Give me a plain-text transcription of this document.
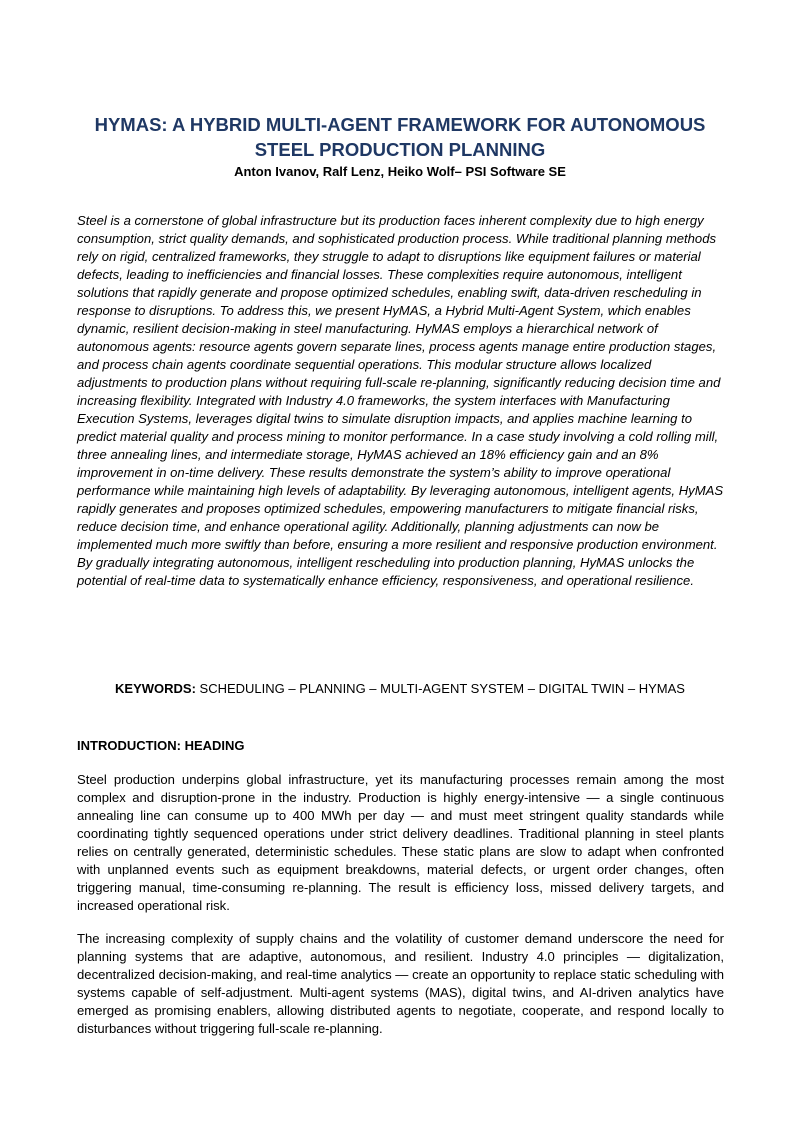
HYMAS: A HYBRID MULTI-AGENT FRAMEWORK FOR AUTONOMOUS
STEEL PRODUCTION PLANNING

Anton Ivanov, Ralf Lenz, Heiko Wolf– PSI Software SE

Steel is a cornerstone of global infrastructure but its production faces inherent complexity due to high energy consumption, strict quality demands, and sophisticated production process. While traditional planning methods rely on rigid, centralized frameworks, they struggle to adapt to disruptions like equipment failures or material defects, leading to inefficiencies and financial losses. These complexities require autonomous, intelligent solutions that rapidly generate and propose optimized schedules, enabling swift, data-driven rescheduling in response to disruptions. To address this, we present HyMAS, a Hybrid Multi-Agent System, which enables dynamic, resilient decision-making in steel manufacturing. HyMAS employs a hierarchical network of autonomous agents: resource agents govern separate lines, process agents manage entire production stages, and process chain agents coordinate sequential operations. This modular structure allows localized adjustments to production plans without requiring full-scale re-planning, significantly reducing decision time and increasing flexibility. Integrated with Industry 4.0 frameworks, the system interfaces with Manufacturing Execution Systems, leverages digital twins to simulate disruption impacts, and applies machine learning to predict material quality and process mining to monitor performance. In a case study involving a cold rolling mill, three annealing lines, and intermediate storage, HyMAS achieved an 18% efficiency gain and an 8% improvement in on-time delivery. These results demonstrate the system’s ability to improve operational performance while maintaining high levels of adaptability. By leveraging autonomous, intelligent agents, HyMAS rapidly generates and proposes optimized schedules, empowering manufacturers to mitigate financial risks, reduce decision time, and enhance operational agility. Additionally, planning adjustments can now be implemented much more swiftly than before, ensuring a more resilient and responsive production environment. By gradually integrating autonomous, intelligent rescheduling into production planning, HyMAS unlocks the potential of real-time data to systematically enhance efficiency, responsiveness, and operational resilience.

KEYWORDS: SCHEDULING – PLANNING – MULTI-AGENT SYSTEM – DIGITAL TWIN – HYMAS

INTRODUCTION: HEADING

Steel production underpins global infrastructure, yet its manufacturing processes remain among the most complex and disruption-prone in the industry. Production is highly energy-intensive — a single continuous annealing line can consume up to 400 MWh per day — and must meet stringent quality standards while coordinating tightly sequenced operations under strict delivery deadlines. Traditional planning in steel plants relies on centrally generated, deterministic schedules. These static plans are slow to adapt when confronted with unplanned events such as equipment breakdowns, material defects, or urgent order changes, often triggering manual, time-consuming re-planning. The result is efficiency loss, missed delivery targets, and increased operational risk.

The increasing complexity of supply chains and the volatility of customer demand underscore the need for planning systems that are adaptive, autonomous, and resilient. Industry 4.0 principles — digitalization, decentralized decision-making, and real-time analytics — create an opportunity to replace static scheduling with systems capable of self-adjustment. Multi-agent systems (MAS), digital twins, and AI-driven analytics have emerged as promising enablers, allowing distributed agents to negotiate, cooperate, and respond locally to disturbances without triggering full-scale re-planning.
